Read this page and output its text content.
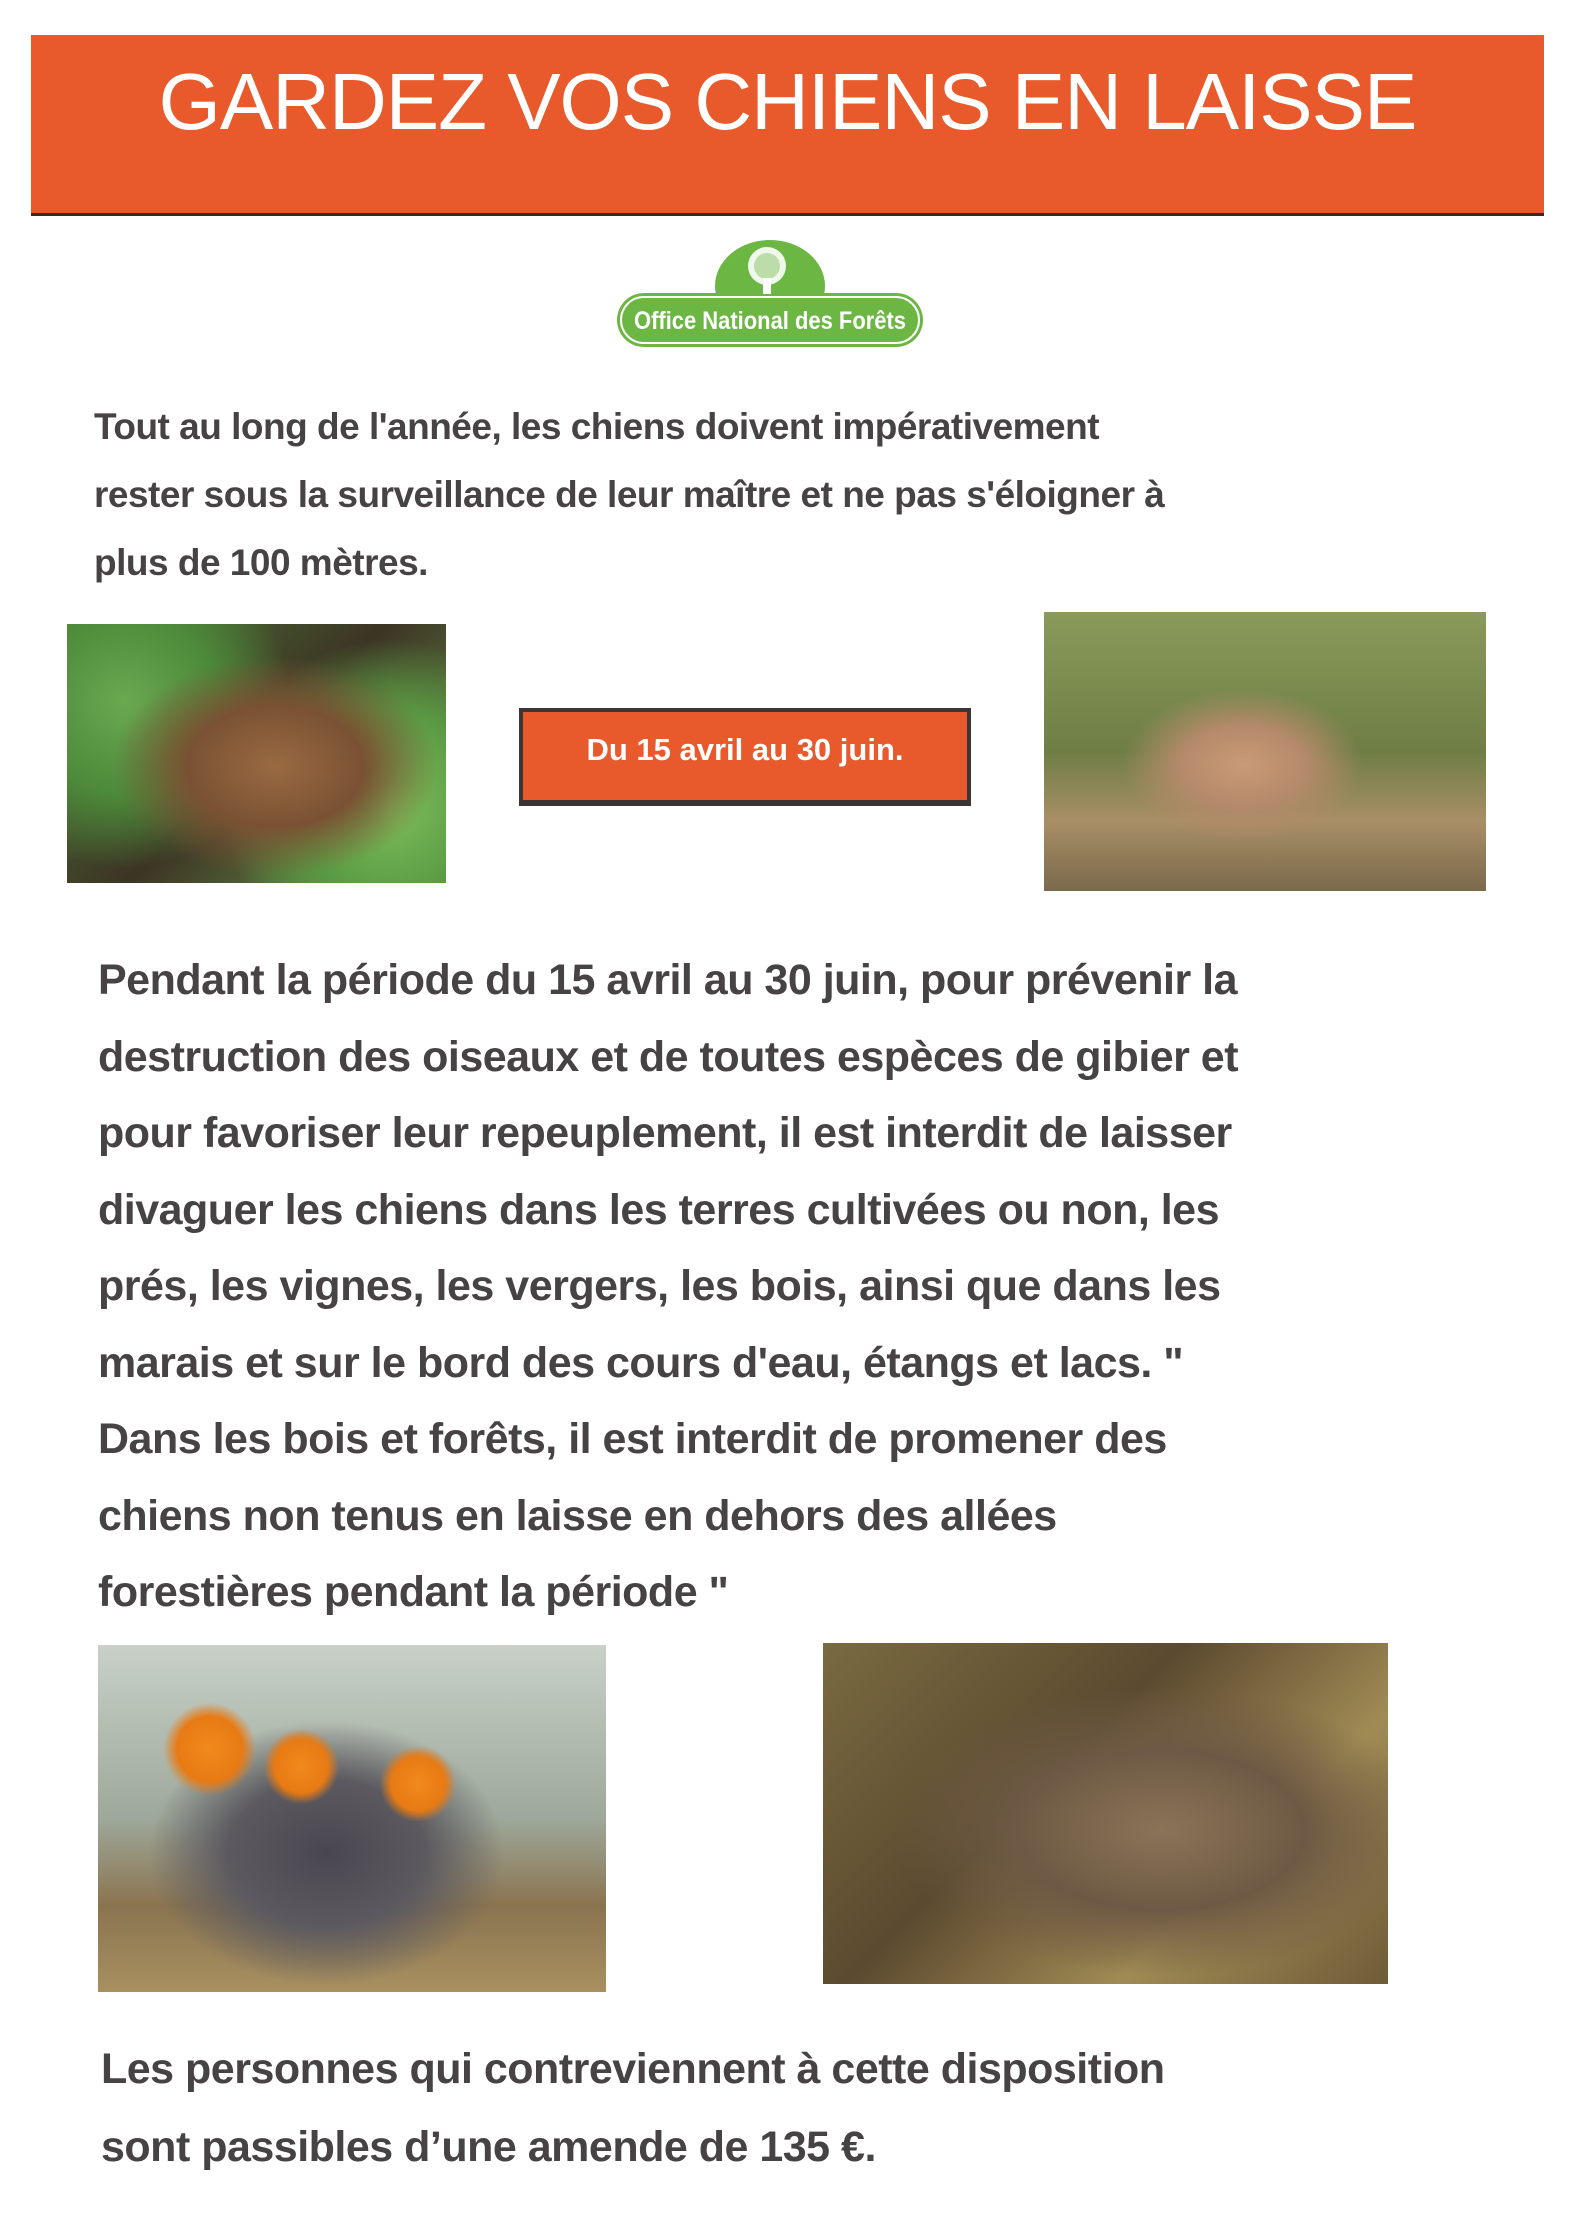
GARDEZ VOS CHIENS EN LAISSE
Office National des Forêts
Tout au long de l'année, les chiens doivent impérativement
rester sous la surveillance de leur maître et ne pas s'éloigner à
plus de 100 mètres.
Du 15 avril au 30 juin.
Pendant la période du 15 avril au 30 juin, pour prévenir la
destruction des oiseaux et de toutes espèces de gibier et
pour favoriser leur repeuplement, il est interdit de laisser
divaguer les chiens dans les terres cultivées ou non, les
prés, les vignes, les vergers, les bois, ainsi que dans les
marais et sur le bord des cours d'eau, étangs et lacs. "
Dans les bois et forêts, il est interdit de promener des
chiens non tenus en laisse en dehors des allées
forestières pendant la période "
Les personnes qui contreviennent à cette disposition
sont passibles d’une amende de 135 €.
